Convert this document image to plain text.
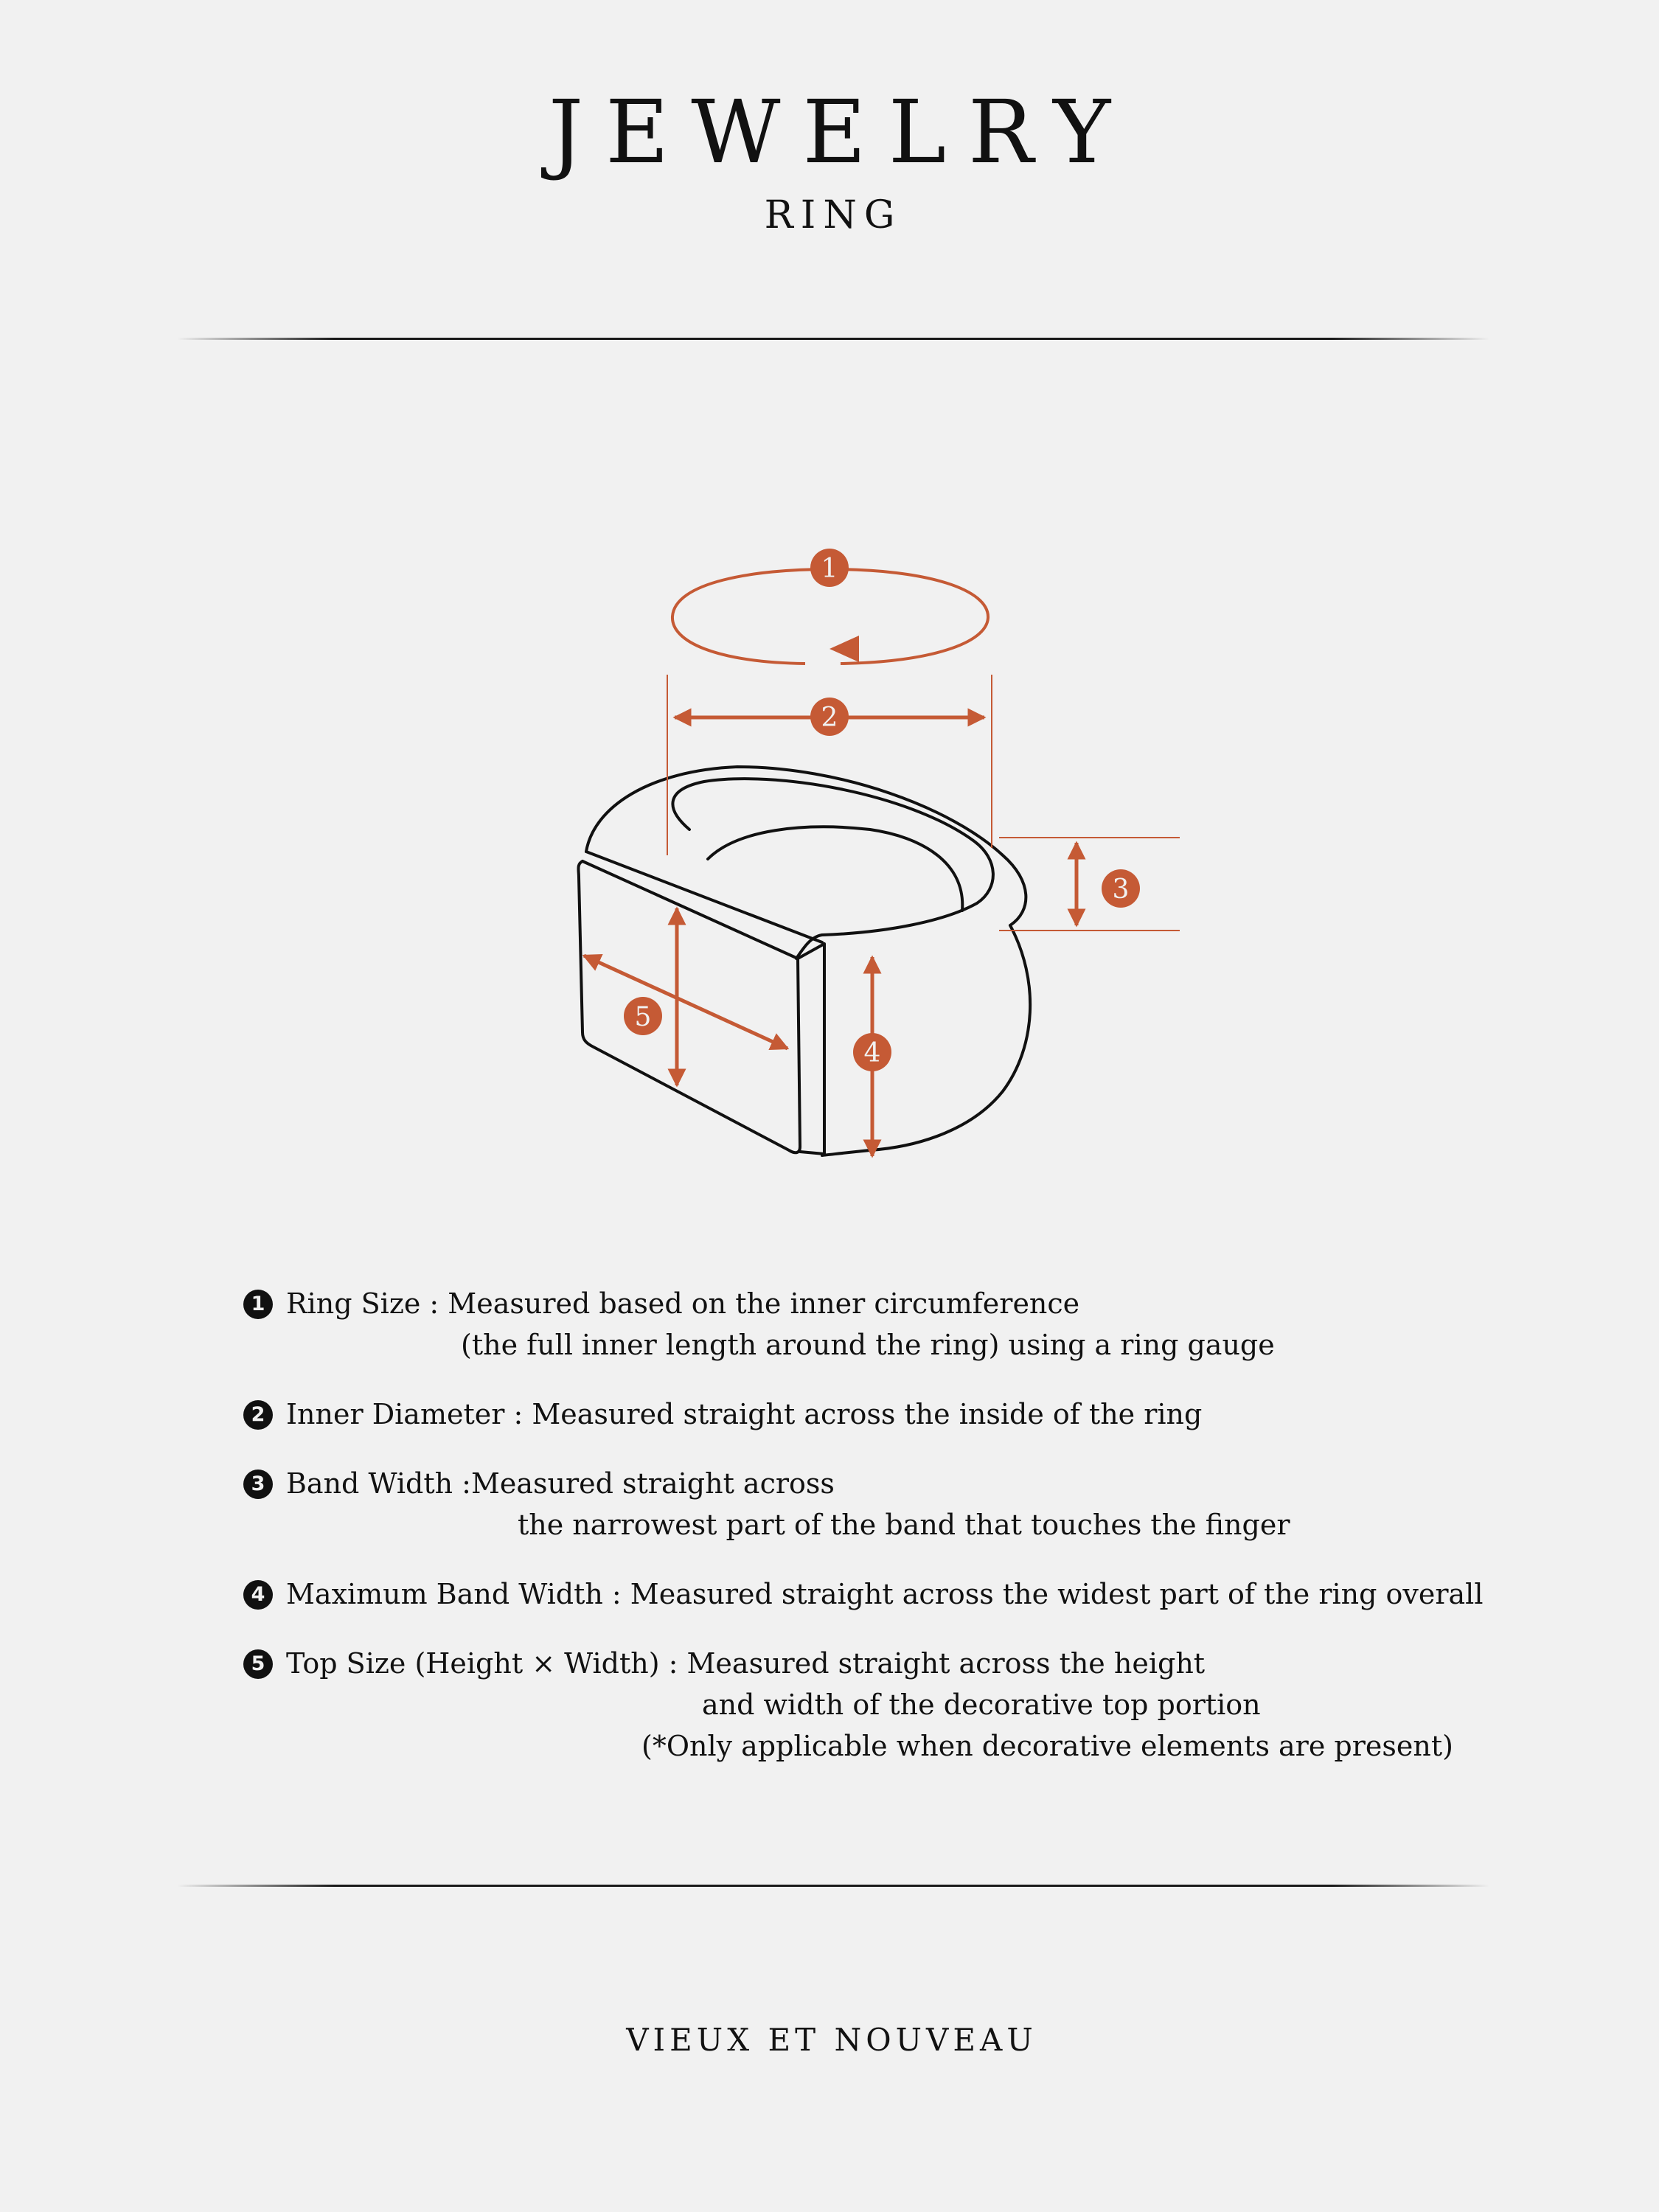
JEWELRY
RING
1
2
3
4
5
1 Ring Size : Measured based on the inner circumference
(the full inner length around the ring) using a ring gauge
2 Inner Diameter : Measured straight across the inside of the ring
3 Band Width :Measured straight across
the narrowest part of the band that touches the finger
4 Maximum Band Width : Measured straight across the widest part of the ring overall
5 Top Size (Height × Width) : Measured straight across the height
and width of the decorative top portion
(*Only applicable when decorative elements are present)
VIEUX ET NOUVEAU
